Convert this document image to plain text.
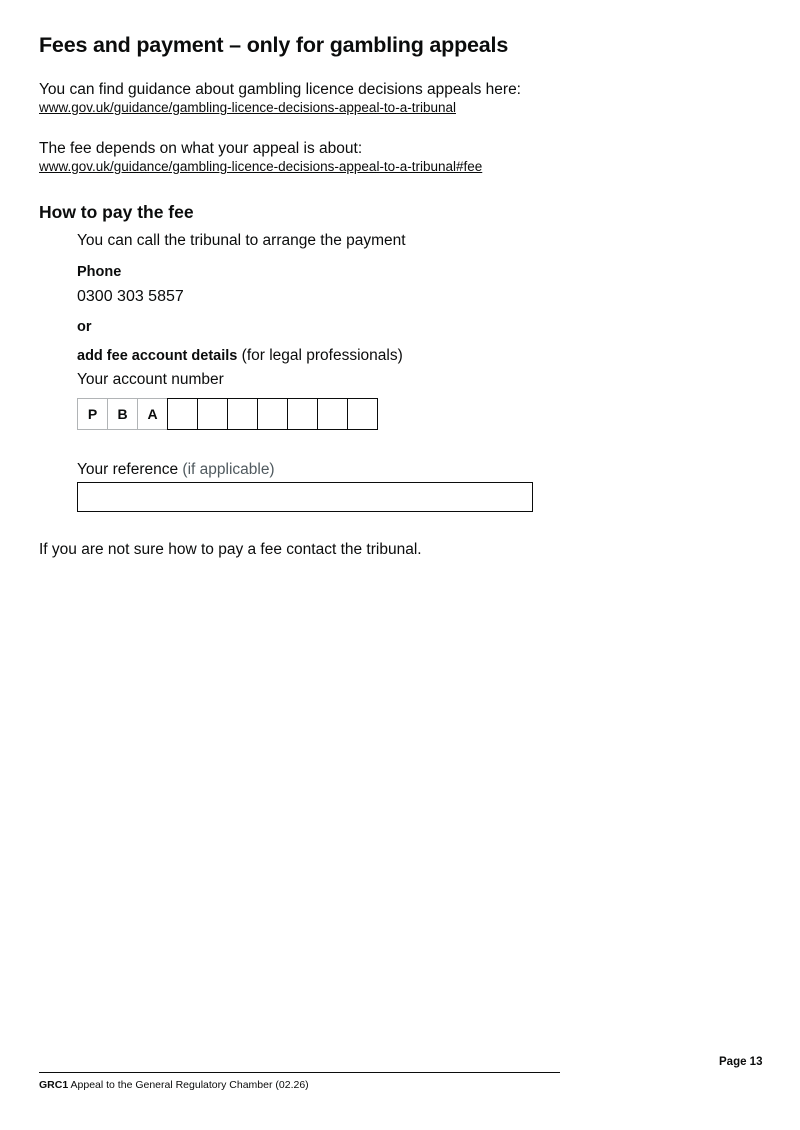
Fees and payment – only for gambling appeals

You can find guidance about gambling licence decisions appeals here:

www.gov.uk/guidance/gambling-licence-decisions-appeal-to-a-tribunal

The fee depends on what your appeal is about:

www.gov.uk/guidance/gambling-licence-decisions-appeal-to-a-tribunal#fee
How to pay the fee

You can call the tribunal to arrange the payment

Phone

0300 303 5857

or

add fee account details (for legal professionals)

Your account number

P	B	A

Your reference (if applicable)

If you are not sure how to pay a fee contact the tribunal.

Page 13
GRC1 Appeal to the General Regulatory Chamber (02.26)
